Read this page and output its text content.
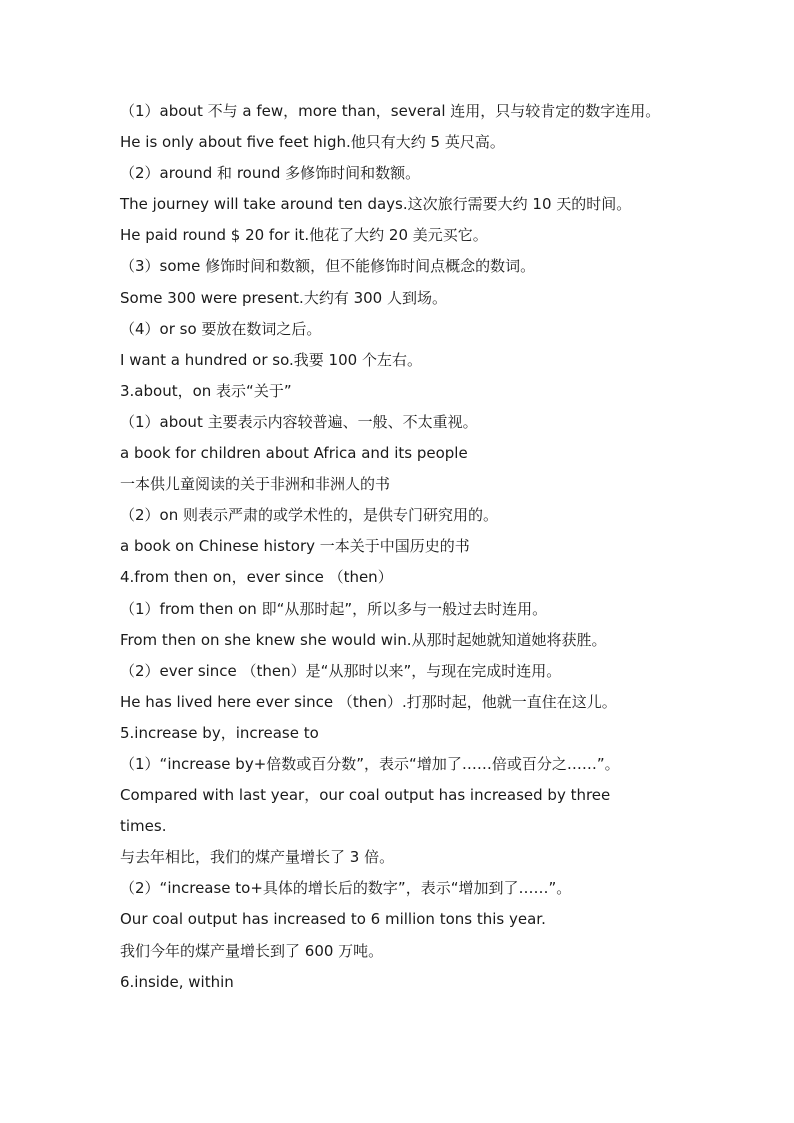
（1）about 不与 a few，more than，several 连用，只与较肯定的数字连用。
He is only about five feet high.他只有大约 5 英尺高。
（2）around 和 round 多修饰时间和数额。
The journey will take around ten days.这次旅行需要大约 10 天的时间。
He paid round $ 20 for it.他花了大约 20 美元买它。
（3）some 修饰时间和数额，但不能修饰时间点概念的数词。
Some 300 were present.大约有 300 人到场。
（4）or so 要放在数词之后。
I want a hundred or so.我要 100 个左右。
3.about，on 表示“关于”
（1）about 主要表示内容较普遍、一般、不太重视。
a book for children about Africa and its people
一本供儿童阅读的关于非洲和非洲人的书
（2）on 则表示严肃的或学术性的，是供专门研究用的。
a book on Chinese history 一本关于中国历史的书
4.from then on，ever since （then）
（1）from then on 即“从那时起”，所以多与一般过去时连用。
From then on she knew she would win.从那时起她就知道她将获胜。
（2）ever since （then）是“从那时以来”，与现在完成时连用。
He has lived here ever since （then）.打那时起，他就一直住在这儿。
5.increase by，increase to
（1）“increase by+倍数或百分数”，表示“增加了……倍或百分之……”。
Compared with last year，our coal output has increased by three
times.
与去年相比，我们的煤产量增长了 3 倍。
（2）“increase to+具体的增长后的数字”，表示“增加到了……”。
Our coal output has increased to 6 million tons this year.
我们今年的煤产量增长到了 600 万吨。
6.inside, within
